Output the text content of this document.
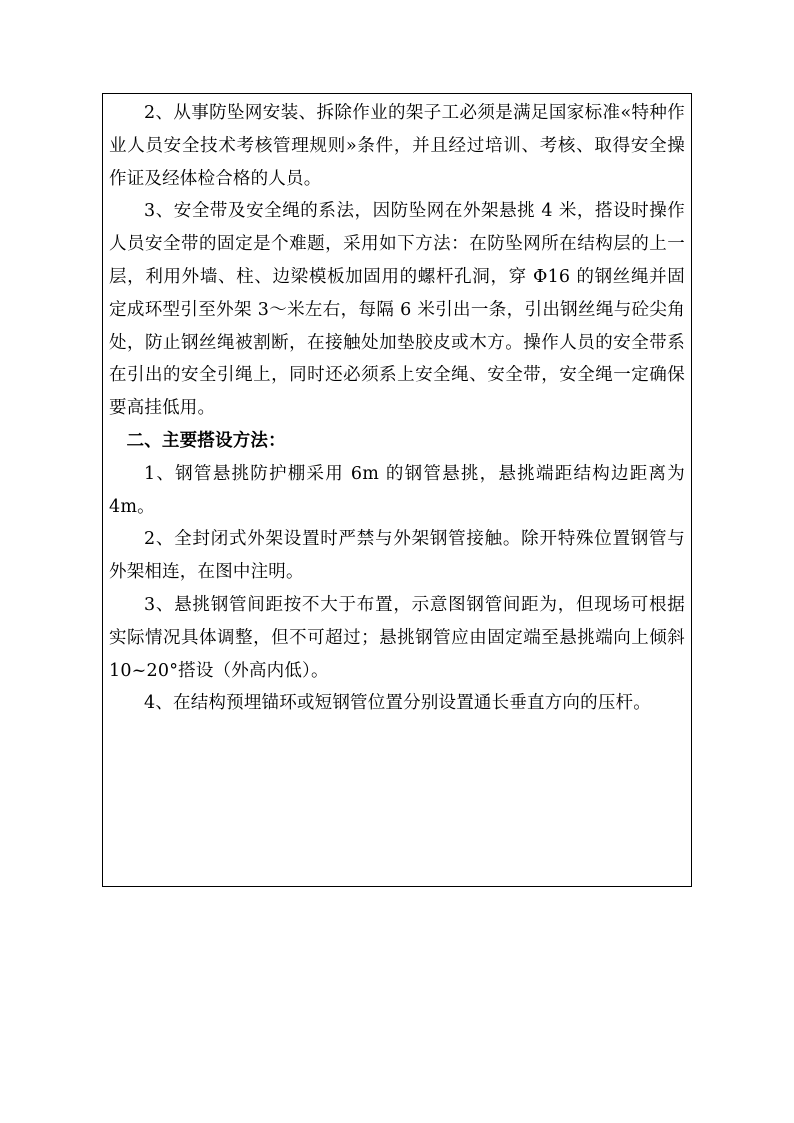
2、从事防坠网安装、拆除作业的架子工必须是满足国家标准«特种作业人员安全技术考核管理规则»条件，并且经过培训、考核、取得安全操作证及经体检合格的人员。

3、安全带及安全绳的系法，因防坠网在外架悬挑 4 米，搭设时操作人员安全带的固定是个难题，采用如下方法：在防坠网所在结构层的上一层，利用外墙、柱、边梁模板加固用的螺杆孔洞，穿 Φ16 的钢丝绳并固定成环型引至外架 3～米左右，每隔 6 米引出一条，引出钢丝绳与砼尖角处，防止钢丝绳被割断，在接触处加垫胶皮或木方。操作人员的安全带系在引出的安全引绳上，同时还必须系上安全绳、安全带，安全绳一定确保要高挂低用。

二、主要搭设方法：

1、钢管悬挑防护棚采用 6m 的钢管悬挑，悬挑端距结构边距离为 4m。

2、全封闭式外架设置时严禁与外架钢管接触。除开特殊位置钢管与外架相连，在图中注明。

3、悬挑钢管间距按不大于布置，示意图钢管间距为，但现场可根据实际情况具体调整，但不可超过；悬挑钢管应由固定端至悬挑端向上倾斜 10~20°搭设（外高内低）。

4、在结构预埋锚环或短钢管位置分别设置通长垂直方向的压杆。
